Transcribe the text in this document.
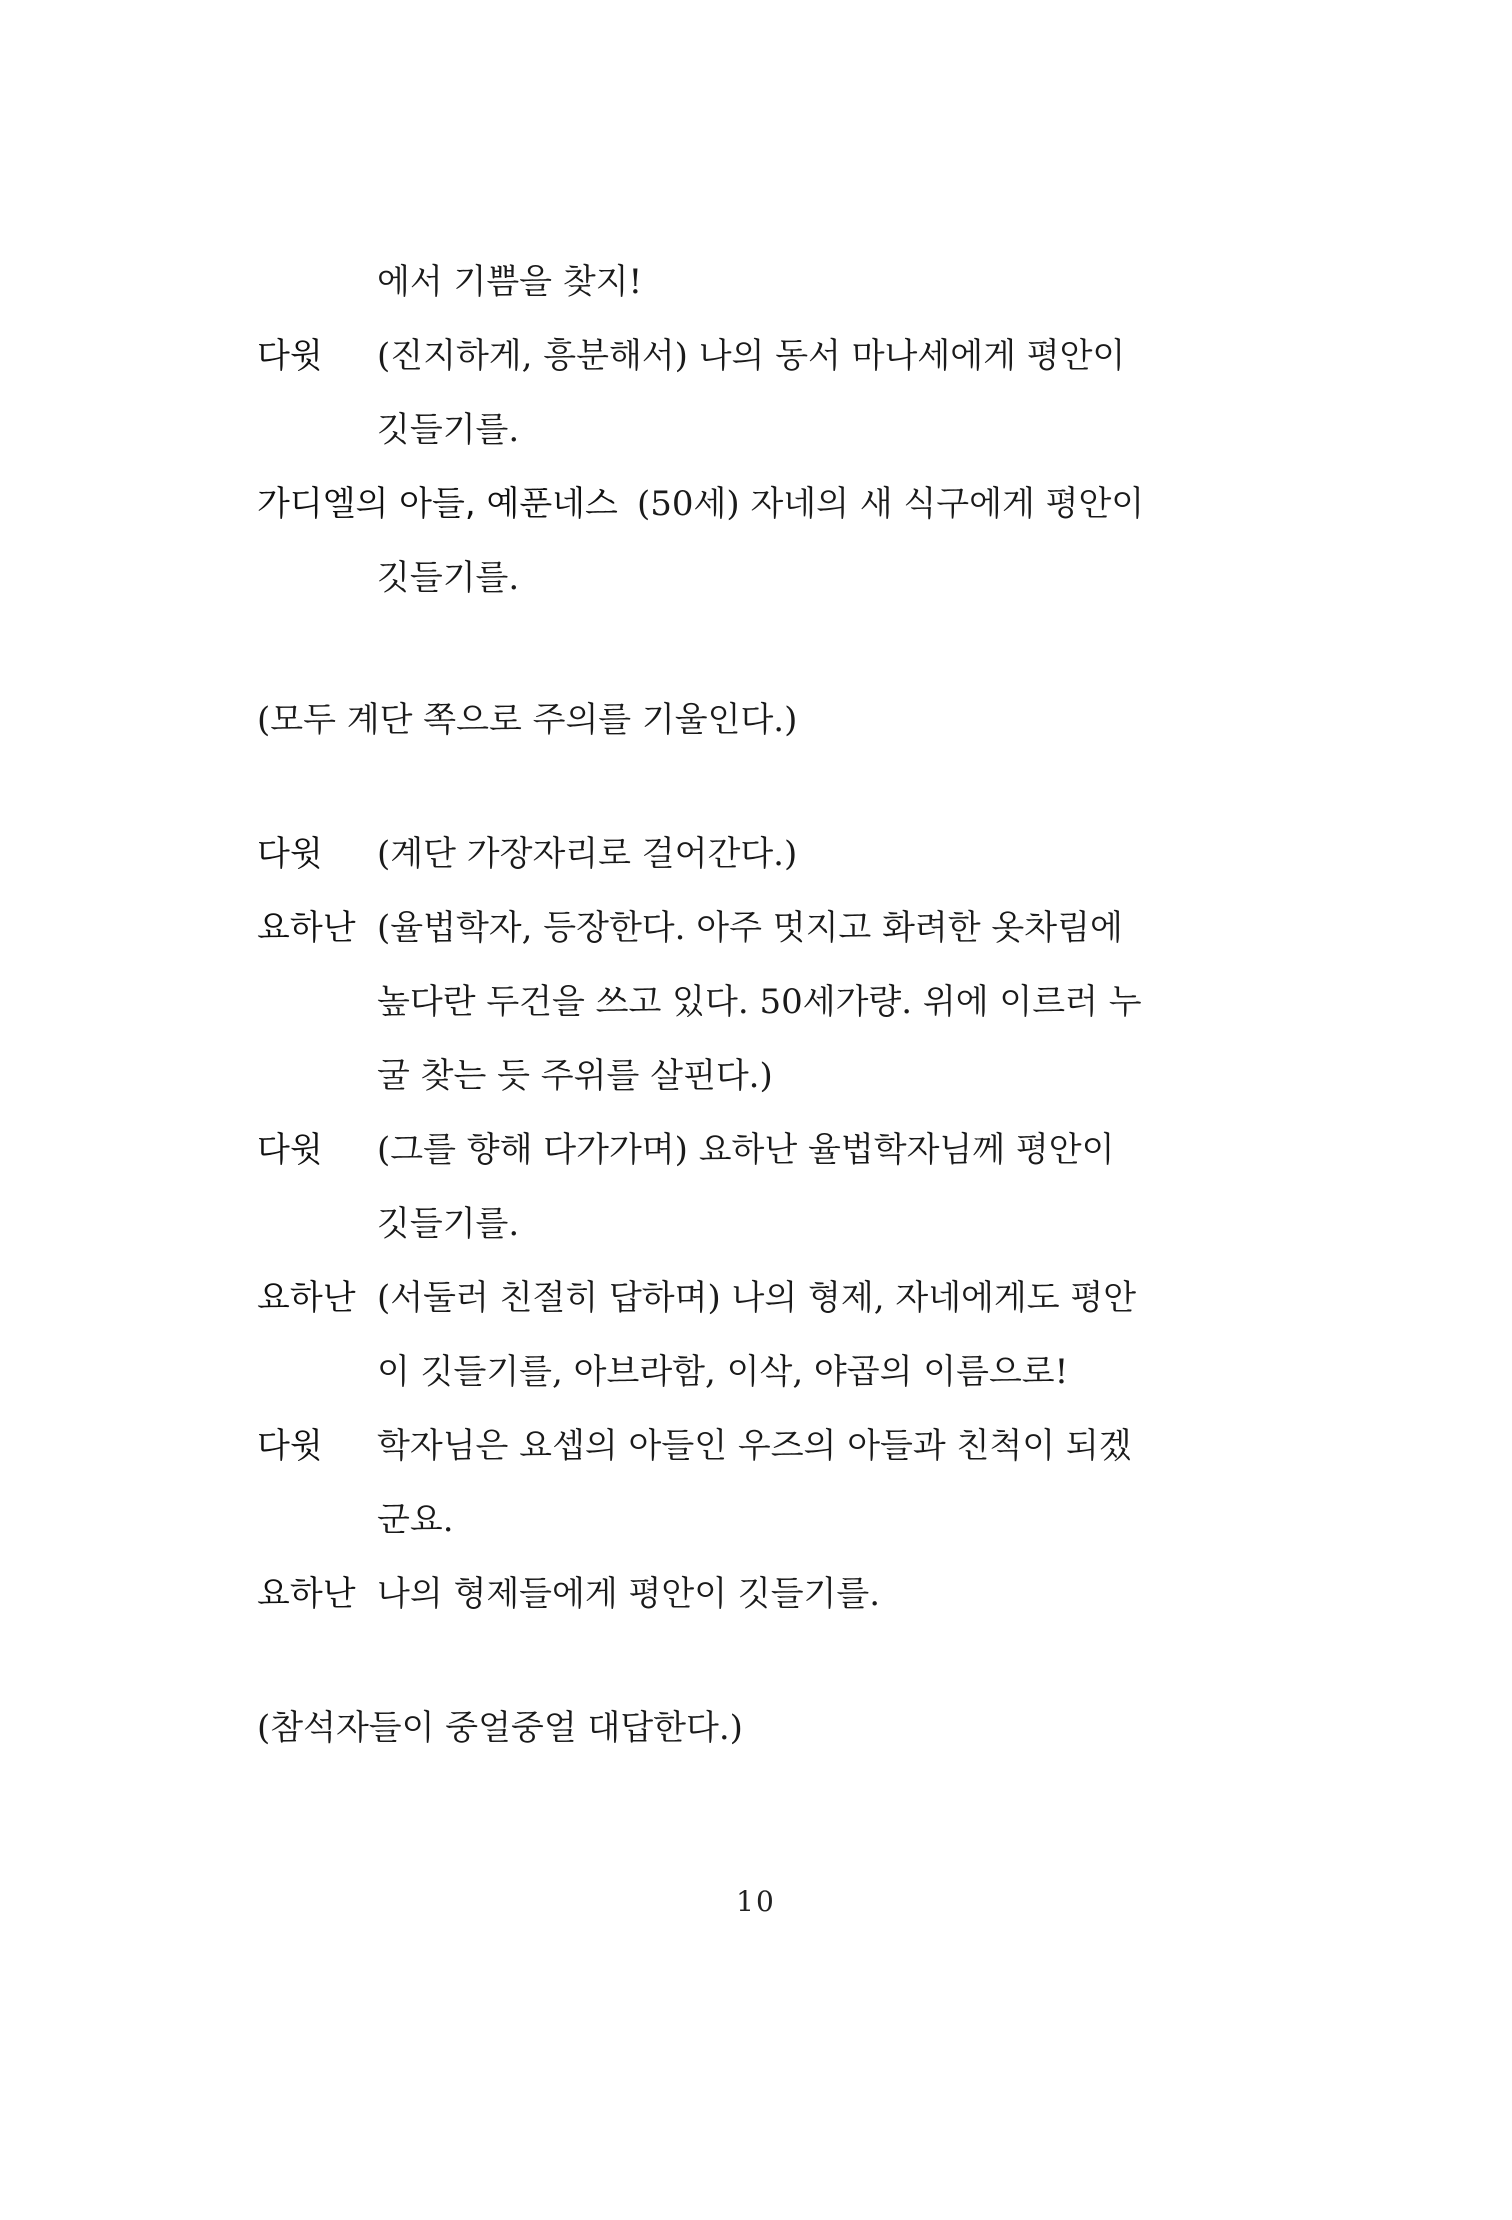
에서 기쁨을 찾지!
다윗 (진지하게, 흥분해서) 나의 동서 마나세에게 평안이
깃들기를.
가디엘의 아들, 예푼네스 (50세) 자네의 새 식구에게 평안이
깃들기를.
(모두 계단 쪽으로 주의를 기울인다.)
다윗 (계단 가장자리로 걸어간다.)
요하난 (율법학자, 등장한다. 아주 멋지고 화려한 옷차림에
높다란 두건을 쓰고 있다. 50세가량. 위에 이르러 누
굴 찾는 듯 주위를 살핀다.)
다윗 (그를 향해 다가가며) 요하난 율법학자님께 평안이
깃들기를.
요하난 (서둘러 친절히 답하며) 나의 형제, 자네에게도 평안
이 깃들기를, 아브라함, 이삭, 야곱의 이름으로!
다윗 학자님은 요셉의 아들인 우즈의 아들과 친척이 되겠
군요.
요하난 나의 형제들에게 평안이 깃들기를.
(참석자들이 중얼중얼 대답한다.)
10
